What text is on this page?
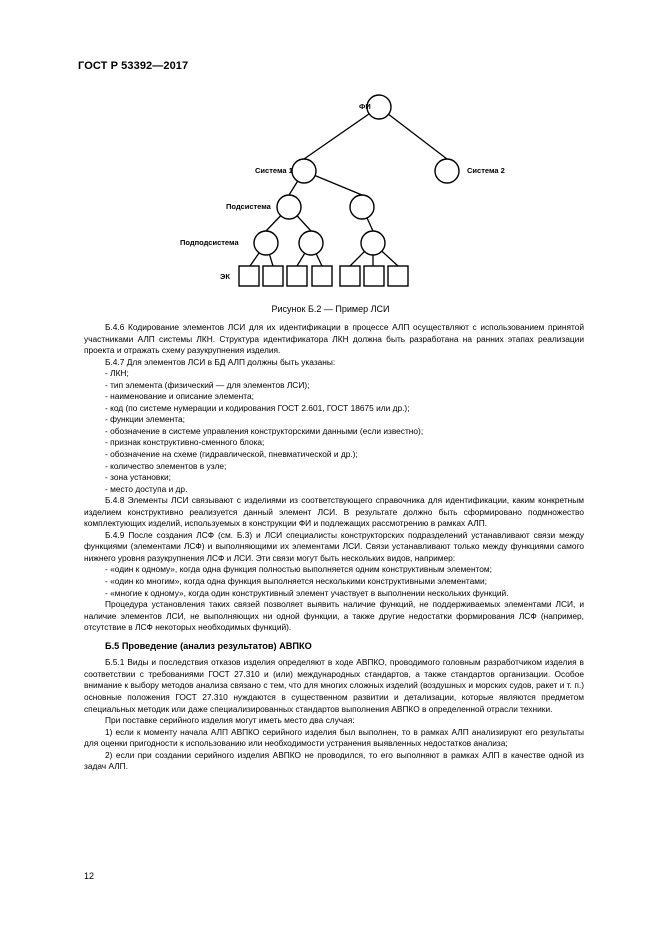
ГОСТ Р 53392—2017
ФИ
Система 1	Система 2
Подсистема
Подподсистема
ЭК
Рисунок Б.2 — Пример ЛСИ

Б.4.6 Кодирование элементов ЛСИ для их идентификации в процессе АЛП осуществляют с использованием принятой участниками АЛП системы ЛКН. Структура идентификатора ЛКН должна быть разработана на ранних этапах реализации проекта и отражать схему разукрупнения изделия.

Б.4.7 Для элементов ЛСИ в БД АЛП должны быть указаны:

- ЛКН;

- тип элемента (физический — для элементов ЛСИ);

- наименование и описание элемента;

- код (по системе нумерации и кодирования ГОСТ 2.601, ГОСТ 18675 или др.);

- функции элемента;

- обозначение в системе управления конструкторскими данными (если известно);

- признак конструктивно-сменного блока;

- обозначение на схеме (гидравлической, пневматической и др.);

- количество элементов в узле;

- зона установки;

- место доступа и др.

Б.4.8 Элементы ЛСИ связывают с изделиями из соответствующего справочника для идентификации, каким конкретным изделием конструктивно реализуется данный элемент ЛСИ. В результате должно быть сформировано подмножество комплектующих изделий, используемых в конструкции ФИ и подлежащих рассмотрению в рамках АЛП.

Б.4.9 После создания ЛСФ (см. Б.3) и ЛСИ специалисты конструкторских подразделений устанавливают связи между функциями (элементами ЛСФ) и выполняющими их элементами ЛСИ. Связи устанавливают только между функциями самого нижнего уровня разукрупнения ЛСФ и ЛСИ. Эти связи могут быть нескольких видов, например:

- «один к одному», когда одна функция полностью выполняется одним конструктивным элементом;

- «один ко многим», когда одна функция выполняется несколькими конструктивными элементами;

- «многие к одному», когда один конструктивный элемент участвует в выполнении нескольких функций.

Процедура установления таких связей позволяет выявить наличие функций, не поддерживаемых элементами ЛСИ, и наличие элементов ЛСИ, не выполняющих ни одной функции, а также другие недостатки формирования ЛСФ (например, отсутствие в ЛСФ некоторых необходимых функций).

Б.5 Проведение (анализ результатов) АВПКО

Б.5.1 Виды и последствия отказов изделия определяют в ходе АВПКО, проводимого головным разработчиком изделия в соответствии с требованиями ГОСТ 27.310 и (или) международных стандартов, а также стандартов организации. Особое внимание к выбору методов анализа связано с тем, что для многих сложных изделий (воздушных и морских судов, ракет и т. п.) основные положения ГОСТ 27.310 нуждаются в существенном развитии и детализации, которые являются предметом специальных методик или даже специализированных стандартов выполнения АВПКО в определенной отрасли техники.

При поставке серийного изделия могут иметь место два случая:

1) если к моменту начала АЛП АВПКО серийного изделия был выполнен, то в рамках АЛП анализируют его результаты для оценки пригодности к использованию или необходимости устранения выявленных недостатков анализа;

2) если при создании серийного изделия АВПКО не проводился, то его выполняют в рамках АЛП в качестве одной из задач АЛП.

12
